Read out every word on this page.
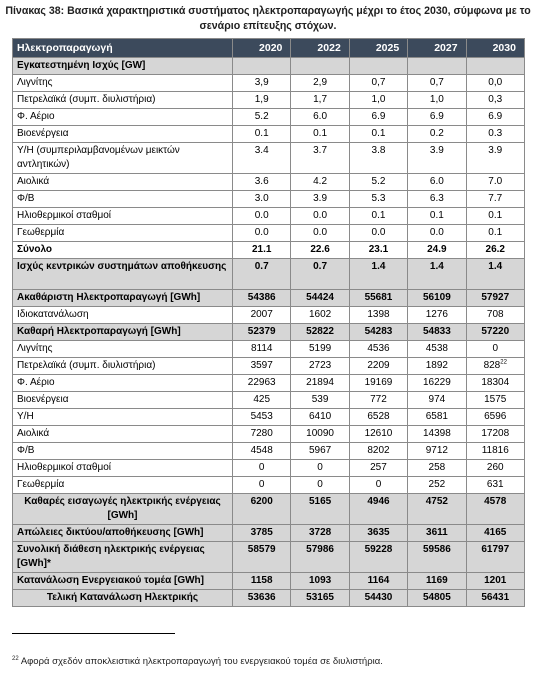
Πίνακας 38: Βασικά χαρακτηριστικά συστήματος ηλεκτροπαραγωγής μέχρι το έτος 2030, σύμφωνα με το
σενάριο επίτευξης στόχων.
Ηλεκτροπαραγωγή	2020	2022	2025	2027	2030
Εγκατεστημένη Ισχύς [GW]					
Λιγνίτης	3,9	2,9	0,7	0,7	0,0
Πετρελαϊκά (συμπ. διυλιστήρια)	1,9	1,7	1,0	1,0	0,3
Φ. Αέριο	5.2	6.0	6.9	6.9	6.9
Βιοενέργεια	0.1	0.1	0.1	0.2	0.3
Υ/Η (συμπεριλαμβανομένων μεικτών αντλητικών)	3.4	3.7	3.8	3.9	3.9
Αιολικά	3.6	4.2	5.2	6.0	7.0
Φ/Β	3.0	3.9	5.3	6.3	7.7
Ηλιοθερμικοί σταθμοί	0.0	0.0	0.1	0.1	0.1
Γεωθερμία	0.0	0.0	0.0	0.0	0.1
Σύνολο	21.1	22.6	23.1	24.9	26.2
Ισχύς κεντρικών συστημάτων αποθήκευσης	0.7	0.7	1.4	1.4	1.4
Ακαθάριστη Ηλεκτροπαραγωγή [GWh]	54386	54424	55681	56109	57927
Ιδιοκατανάλωση	2007	1602	1398	1276	708
Καθαρή Ηλεκτροπαραγωγή [GWh]	52379	52822	54283	54833	57220
Λιγνίτης	8114	5199	4536	4538	0
Πετρελαϊκά (συμπ. διυλιστήρια)	3597	2723	2209	1892	$828^{22}$
Φ. Αέριο	22963	21894	19169	16229	18304
Βιοενέργεια	425	539	772	974	1575
Υ/Η	5453	6410	6528	6581	6596
Αιολικά	7280	10090	12610	14398	17208
Φ/Β	4548	5967	8202	9712	11816
Ηλιοθερμικοί σταθμοί	0	0	257	258	260
Γεωθερμία	0	0	0	252	631
Καθαρές εισαγωγές ηλεκτρικής ενέργειας [GWh]	6200	5165	4946	4752	4578
Απώλειες δικτύου/αποθήκευσης [GWh]	3785	3728	3635	3611	4165
Συνολική διάθεση ηλεκτρικής ενέργειας [GWh]*	58579	57986	59228	59586	61797
Κατανάλωση Ενεργειακού τομέα [GWh]	1158	1093	1164	1169	1201
Τελική Κατανάλωση Ηλεκτρικής	53636	53165	54430	54805	56431
$^{22}$ Αφορά σχεδόν αποκλειστικά ηλεκτροπαραγωγή του ενεργειακού τομέα σε διυλιστήρια.
